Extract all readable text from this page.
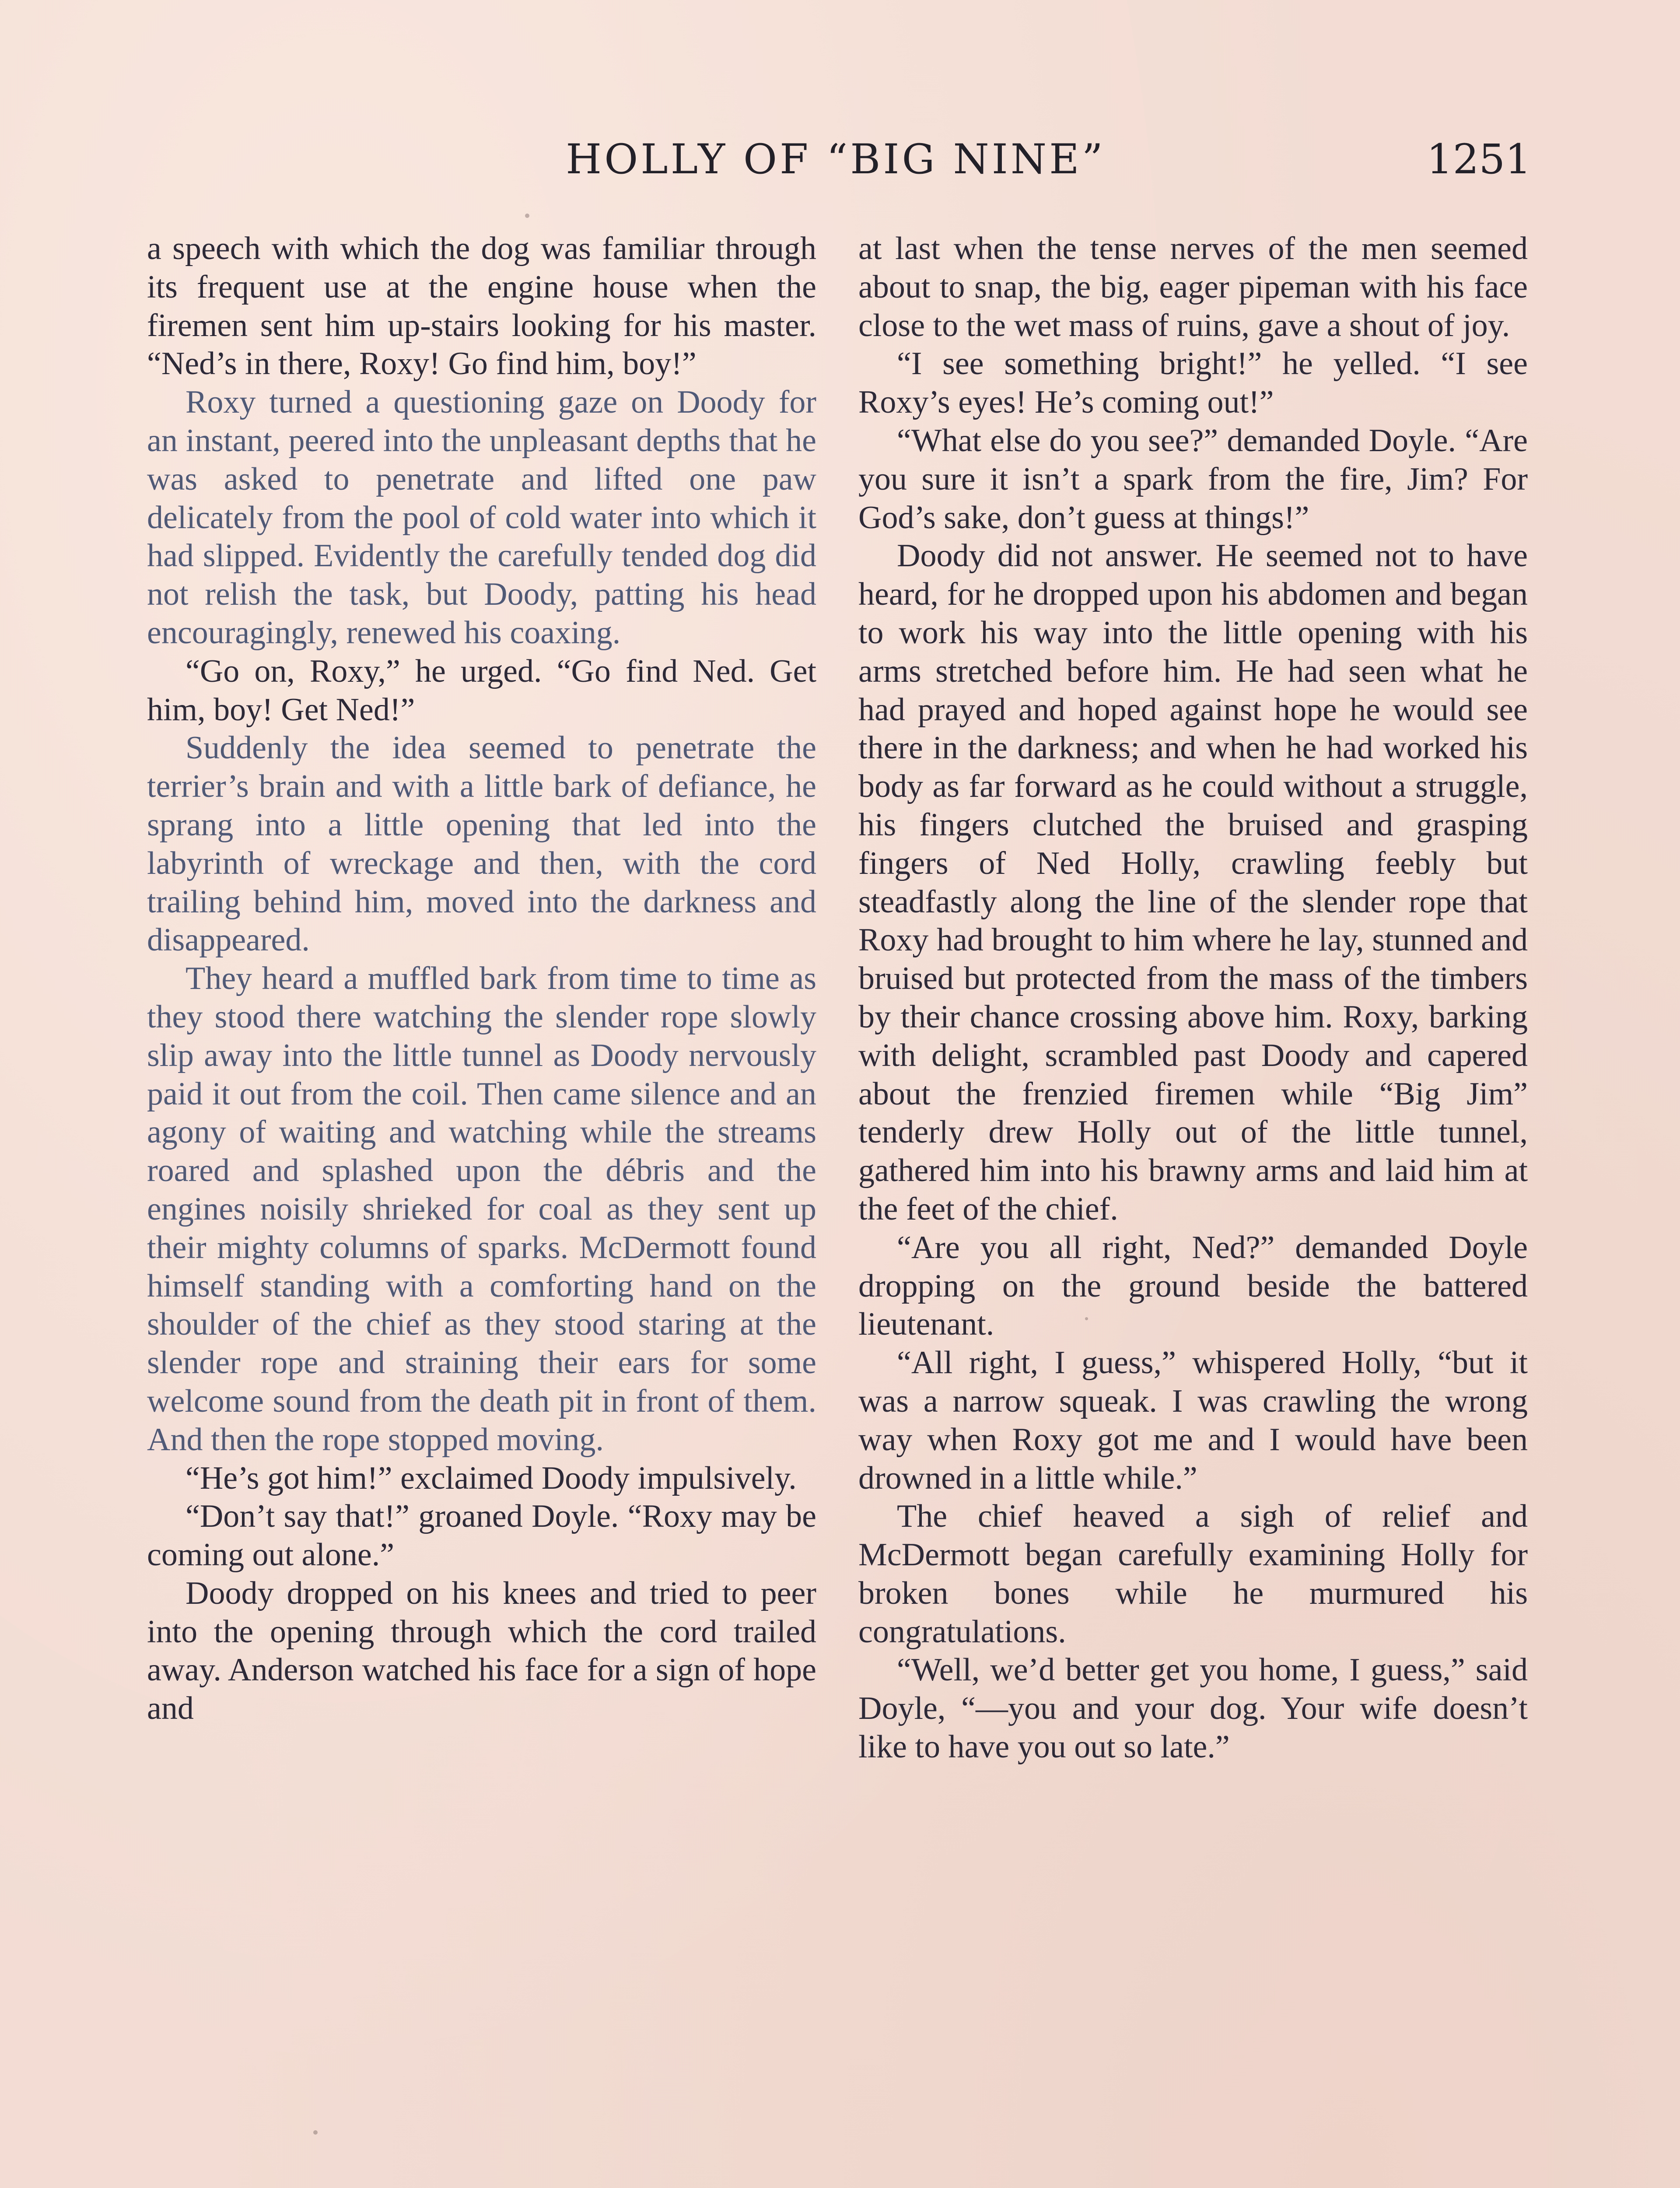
HOLLY OF “BIG NINE”	1251

a speech with which the dog was familiar through its frequent use at the engine house when the firemen sent him up-stairs looking for his master. “Ned’s in there, Roxy! Go find him, boy!”

Roxy turned a questioning gaze on Doody for an instant, peered into the unpleasant depths that he was asked to penetrate and lifted one paw delicately from the pool of cold water into which it had slipped. Evidently the carefully tended dog did not relish the task, but Doody, patting his head encouragingly, renewed his coaxing.

“Go on, Roxy,” he urged. “Go find Ned. Get him, boy! Get Ned!”

Suddenly the idea seemed to penetrate the terrier’s brain and with a little bark of defiance, he sprang into a little opening that led into the labyrinth of wreckage and then, with the cord trailing behind him, moved into the darkness and disappeared.

They heard a muffled bark from time to time as they stood there watching the slender rope slowly slip away into the little tunnel as Doody nervously paid it out from the coil. Then came silence and an agony of waiting and watching while the streams roared and splashed upon the débris and the engines noisily shrieked for coal as they sent up their mighty columns of sparks. McDermott found himself standing with a comforting hand on the shoulder of the chief as they stood staring at the slender rope and straining their ears for some welcome sound from the death pit in front of them. And then the rope stopped moving.

“He’s got him!” exclaimed Doody impulsively.

“Don’t say that!” groaned Doyle. “Roxy may be coming out alone.”

Doody dropped on his knees and tried to peer into the opening through which the cord trailed away. Anderson watched his face for a sign of hope and

at last when the tense nerves of the men seemed about to snap, the big, eager pipeman with his face close to the wet mass of ruins, gave a shout of joy.

“I see something bright!” he yelled. “I see Roxy’s eyes! He’s coming out!”

“What else do you see?” demanded Doyle. “Are you sure it isn’t a spark from the fire, Jim? For God’s sake, don’t guess at things!”

Doody did not answer. He seemed not to have heard, for he dropped upon his abdomen and began to work his way into the little opening with his arms stretched before him. He had seen what he had prayed and hoped against hope he would see there in the darkness; and when he had worked his body as far forward as he could without a struggle, his fingers clutched the bruised and grasping fingers of Ned Holly, crawling feebly but steadfastly along the line of the slender rope that Roxy had brought to him where he lay, stunned and bruised but protected from the mass of the timbers by their chance crossing above him. Roxy, barking with delight, scrambled past Doody and capered about the frenzied firemen while “Big Jim” tenderly drew Holly out of the little tunnel, gathered him into his brawny arms and laid him at the feet of the chief.

“Are you all right, Ned?” demanded Doyle dropping on the ground beside the battered lieutenant.

“All right, I guess,” whispered Holly, “but it was a narrow squeak. I was crawling the wrong way when Roxy got me and I would have been drowned in a little while.”

The chief heaved a sigh of relief and McDermott began carefully examining Holly for broken bones while he murmured his congratulations.

“Well, we’d better get you home, I guess,” said Doyle, “—you and your dog. Your wife doesn’t like to have you out so late.”
